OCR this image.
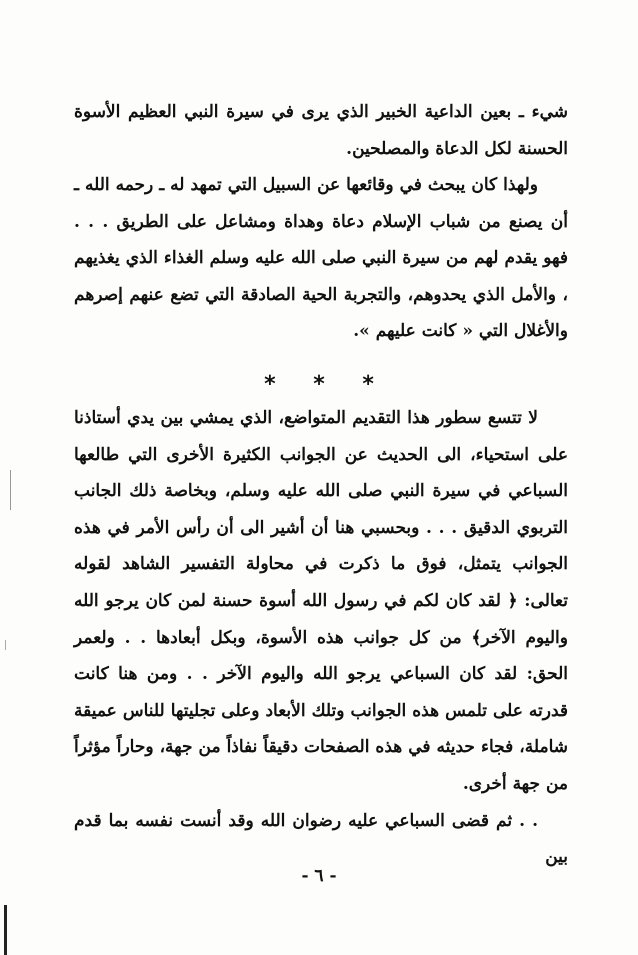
شيء ـ بعين الداعية الخبير الذي يرى في سيرة النبي العظيم الأسوة الحسنة لكل الدعاة والمصلحين.

ولهذا كان يبحث في وقائعها عن السبيل التي تمهد له ـ رحمه الله ـ أن يصنع من شباب الإسلام دعاة وهداة ومشاعل على الطريق . . . فهو يقدم لهم من سيرة النبي صلى الله عليه وسلم الغذاء الذي يغذيهم ، والأمل الذي يحدوهم، والتجربة الحية الصادقة التي تضع عنهم إصرهم والأغلال التي « كانت عليهم ».

* * *

لا تتسع سطور هذا التقديم المتواضع، الذي يمشي بين يدي أستاذنا على استحياء، الى الحديث عن الجوانب الكثيرة الأخرى التي طالعها السباعي في سيرة النبي صلى الله عليه وسلم، وبخاصة ذلك الجانب التربوي الدقيق . . . وبحسبي هنا أن أشير الى أن رأس الأمر في هذه الجوانب يتمثل، فوق ما ذكرت في محاولة التفسير الشاهد لقوله تعالى: ﴿ لقد كان لكم في رسول الله أسوة حسنة لمن كان يرجو الله واليوم الآخر﴾ من كل جوانب هذه الأسوة، وبكل أبعادها . . ولعمر الحق: لقد كان السباعي يرجو الله واليوم الآخر . . ومن هنا كانت قدرته على تلمس هذه الجوانب وتلك الأبعاد وعلى تجليتها للناس عميقة شاملة، فجاء حديثه في هذه الصفحات دقيقاً نفاذاً من جهة، وحاراً مؤثراً من جهة أخرى.

. . ثم قضى السباعي عليه رضوان الله وقد أنست نفسه بما قدم بين

- ٦ -
